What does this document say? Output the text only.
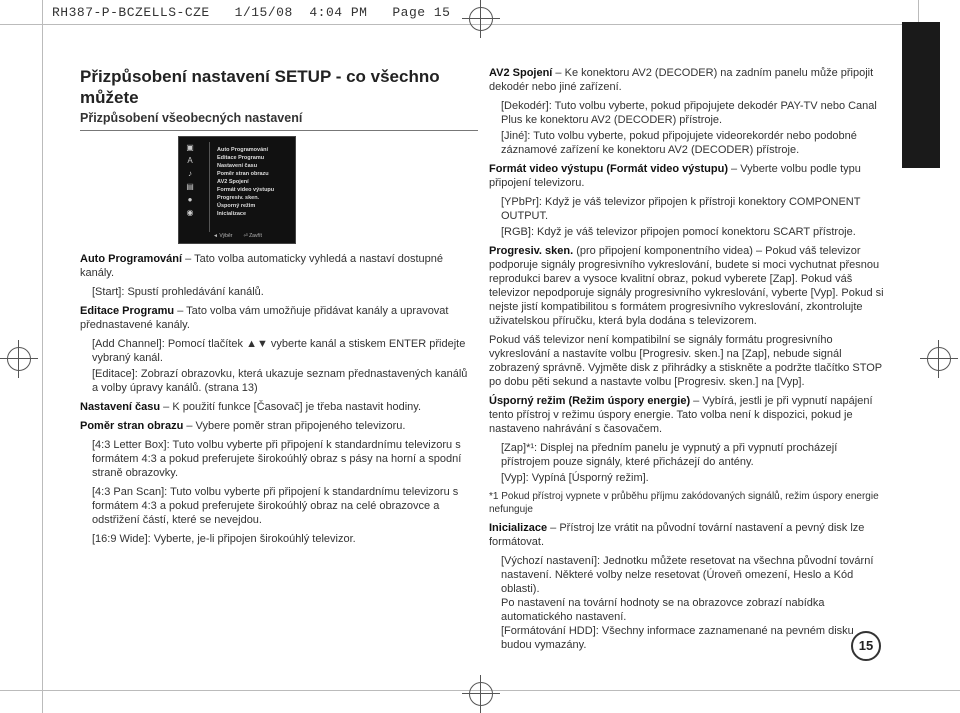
RH387-P-BCZELLS-CZE 1/15/08 4:04 PM Page 15
Přizpůsobení nastavení SETUP - co všechno
můžete
Přizpůsobení všeobecných nastavení
▣
A
♪
▤
●
◉
Auto Programování
Editace Programu
Nastavení času
Poměr stran obrazu
AV2 Spojení
Formát video výstupu
Progresiv. sken.
Úsporný režim
Inicializace
◄ Výběr ⏎ Zavřít

Auto Programování – Tato volba automaticky vyhledá a nastaví dostupné kanály.

[Start]: Spustí prohledávání kanálů.

Editace Programu – Tato volba vám umožňuje přidávat kanály a upravovat přednastavené kanály.

[Add Channel]: Pomocí tlačítek ▲▼ vyberte kanál a stiskem ENTER přidejte vybraný kanál.

[Editace]: Zobrazí obrazovku, která ukazuje seznam přednastavených kanálů a volby úpravy kanálů. (strana 13)

Nastavení času – K použití funkce [Časovač] je třeba nastavit hodiny.

Poměr stran obrazu – Vybere poměr stran připojeného televizoru.

[4:3 Letter Box]: Tuto volbu vyberte při připojení k standardnímu televizoru s formátem 4:3 a pokud preferujete širokoúhlý obraz s pásy na horní a spodní straně obrazovky.

[4:3 Pan Scan]: Tuto volbu vyberte při připojení k standardnímu televizoru s formátem 4:3 a pokud preferujete širokoúhlý obraz na celé obrazovce a odstřižení částí, které se nevejdou.

[16:9 Wide]: Vyberte, je-li připojen širokoúhlý televizor.

AV2 Spojení – Ke konektoru AV2 (DECODER) na zadním panelu může připojit dekodér nebo jiné zařízení.

[Dekodér]: Tuto volbu vyberte, pokud připojujete dekodér PAY-TV nebo Canal Plus ke konektoru AV2 (DECODER) přístroje.

[Jiné]: Tuto volbu vyberte, pokud připojujete videorekordér nebo podobné záznamové zařízení ke konektoru AV2 (DECODER) přístroje.

Formát video výstupu (Formát video výstupu) – Vyberte volbu podle typu připojení televizoru.

[YPbPr]: Když je váš televizor připojen k přístroji konektory COMPONENT OUTPUT.

[RGB]: Když je váš televizor připojen pomocí konektoru SCART přístroje.

Progresiv. sken. (pro připojení komponentního videa) – Pokud váš televizor podporuje signály progresivního vykreslování, budete si moci vychutnat přesnou reprodukci barev a vysoce kvalitní obraz, pokud vyberete [Zap]. Pokud váš televizor nepodporuje signály progresivního vykreslování, vyberte [Vyp]. Pokud si nejste jistí kompatibilitou s formátem progresivního vykreslování, zkontrolujte uživatelskou příručku, která byla dodána s televizorem.

Pokud váš televizor není kompatibilní se signály formátu progresivního vykreslování a nastavíte volbu [Progresiv. sken.] na [Zap], nebude signál zobrazený správně. Vyjměte disk z přihrádky a stiskněte a podržte tlačítko STOP po dobu pěti sekund a nastavte volbu [Progresiv. sken.] na [Vyp].

Úsporný režim (Režim úspory energie) – Vybírá, jestli je při vypnutí napájení tento přístroj v režimu úspory energie. Tato volba není k dispozici, pokud je nastaveno nahrávání s časovačem.

[Zap]*¹: Displej na předním panelu je vypnutý a při vypnutí procházejí přístrojem pouze signály, které přicházejí do antény.

[Vyp]: Vypíná [Úsporný režim].

*1 Pokud přístroj vypnete v průběhu příjmu zakódovaných signálů, režim úspory energie nefunguje

Inicializace – Přístroj lze vrátit na původní tovární nastavení a pevný disk lze formátovat.

[Výchozí nastavení]: Jednotku můžete resetovat na všechna původní tovární nastavení. Některé volby nelze resetovat (Úroveň omezení, Heslo a Kód oblasti).

Po nastavení na tovární hodnoty se na obrazovce zobrazí nabídka automatického nastavení.

[Formátování HDD]: Všechny informace zaznamenané na pevném disku budou vymazány.	15
